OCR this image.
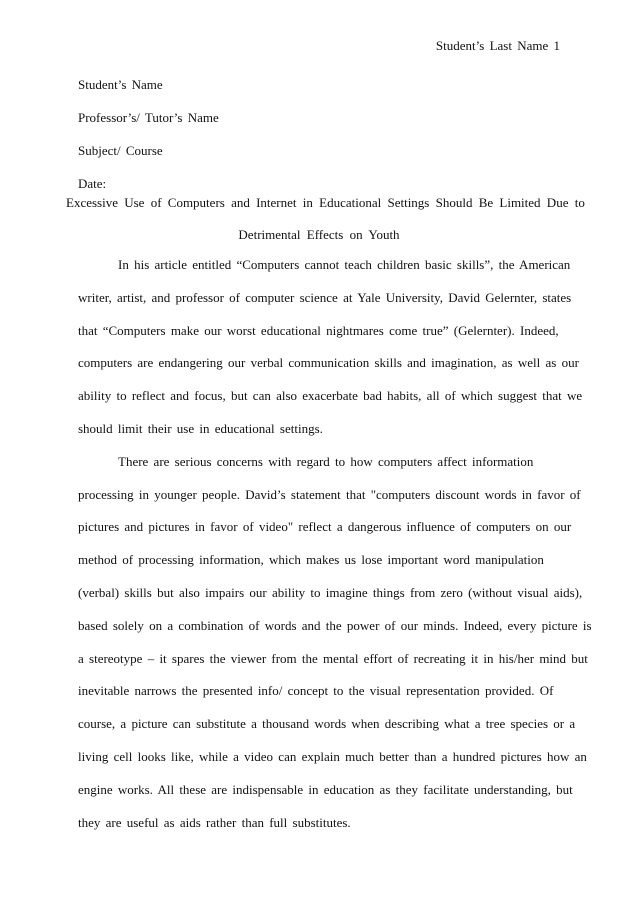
Student’s Last Name 1
Student’s Name
Professor’s/ Tutor’s Name
Subject/ Course
Date:
Excessive Use of Computers and Internet in Educational Settings Should Be Limited Due to
Detrimental Effects on Youth
In his article entitled “Computers cannot teach children basic skills”, the American
writer, artist, and professor of computer science at Yale University, David Gelernter, states
that “Computers make our worst educational nightmares come true” (Gelernter). Indeed,
computers are endangering our verbal communication skills and imagination, as well as our
ability to reflect and focus, but can also exacerbate bad habits, all of which suggest that we
should limit their use in educational settings.
There are serious concerns with regard to how computers affect information
processing in younger people. David’s statement that "computers discount words in favor of
pictures and pictures in favor of video" reflect a dangerous influence of computers on our
method of processing information, which makes us lose important word manipulation
(verbal) skills but also impairs our ability to imagine things from zero (without visual aids),
based solely on a combination of words and the power of our minds. Indeed, every picture is
a stereotype – it spares the viewer from the mental effort of recreating it in his/her mind but
inevitable narrows the presented info/ concept to the visual representation provided. Of
course, a picture can substitute a thousand words when describing what a tree species or a
living cell looks like, while a video can explain much better than a hundred pictures how an
engine works. All these are indispensable in education as they facilitate understanding, but
they are useful as aids rather than full substitutes.
